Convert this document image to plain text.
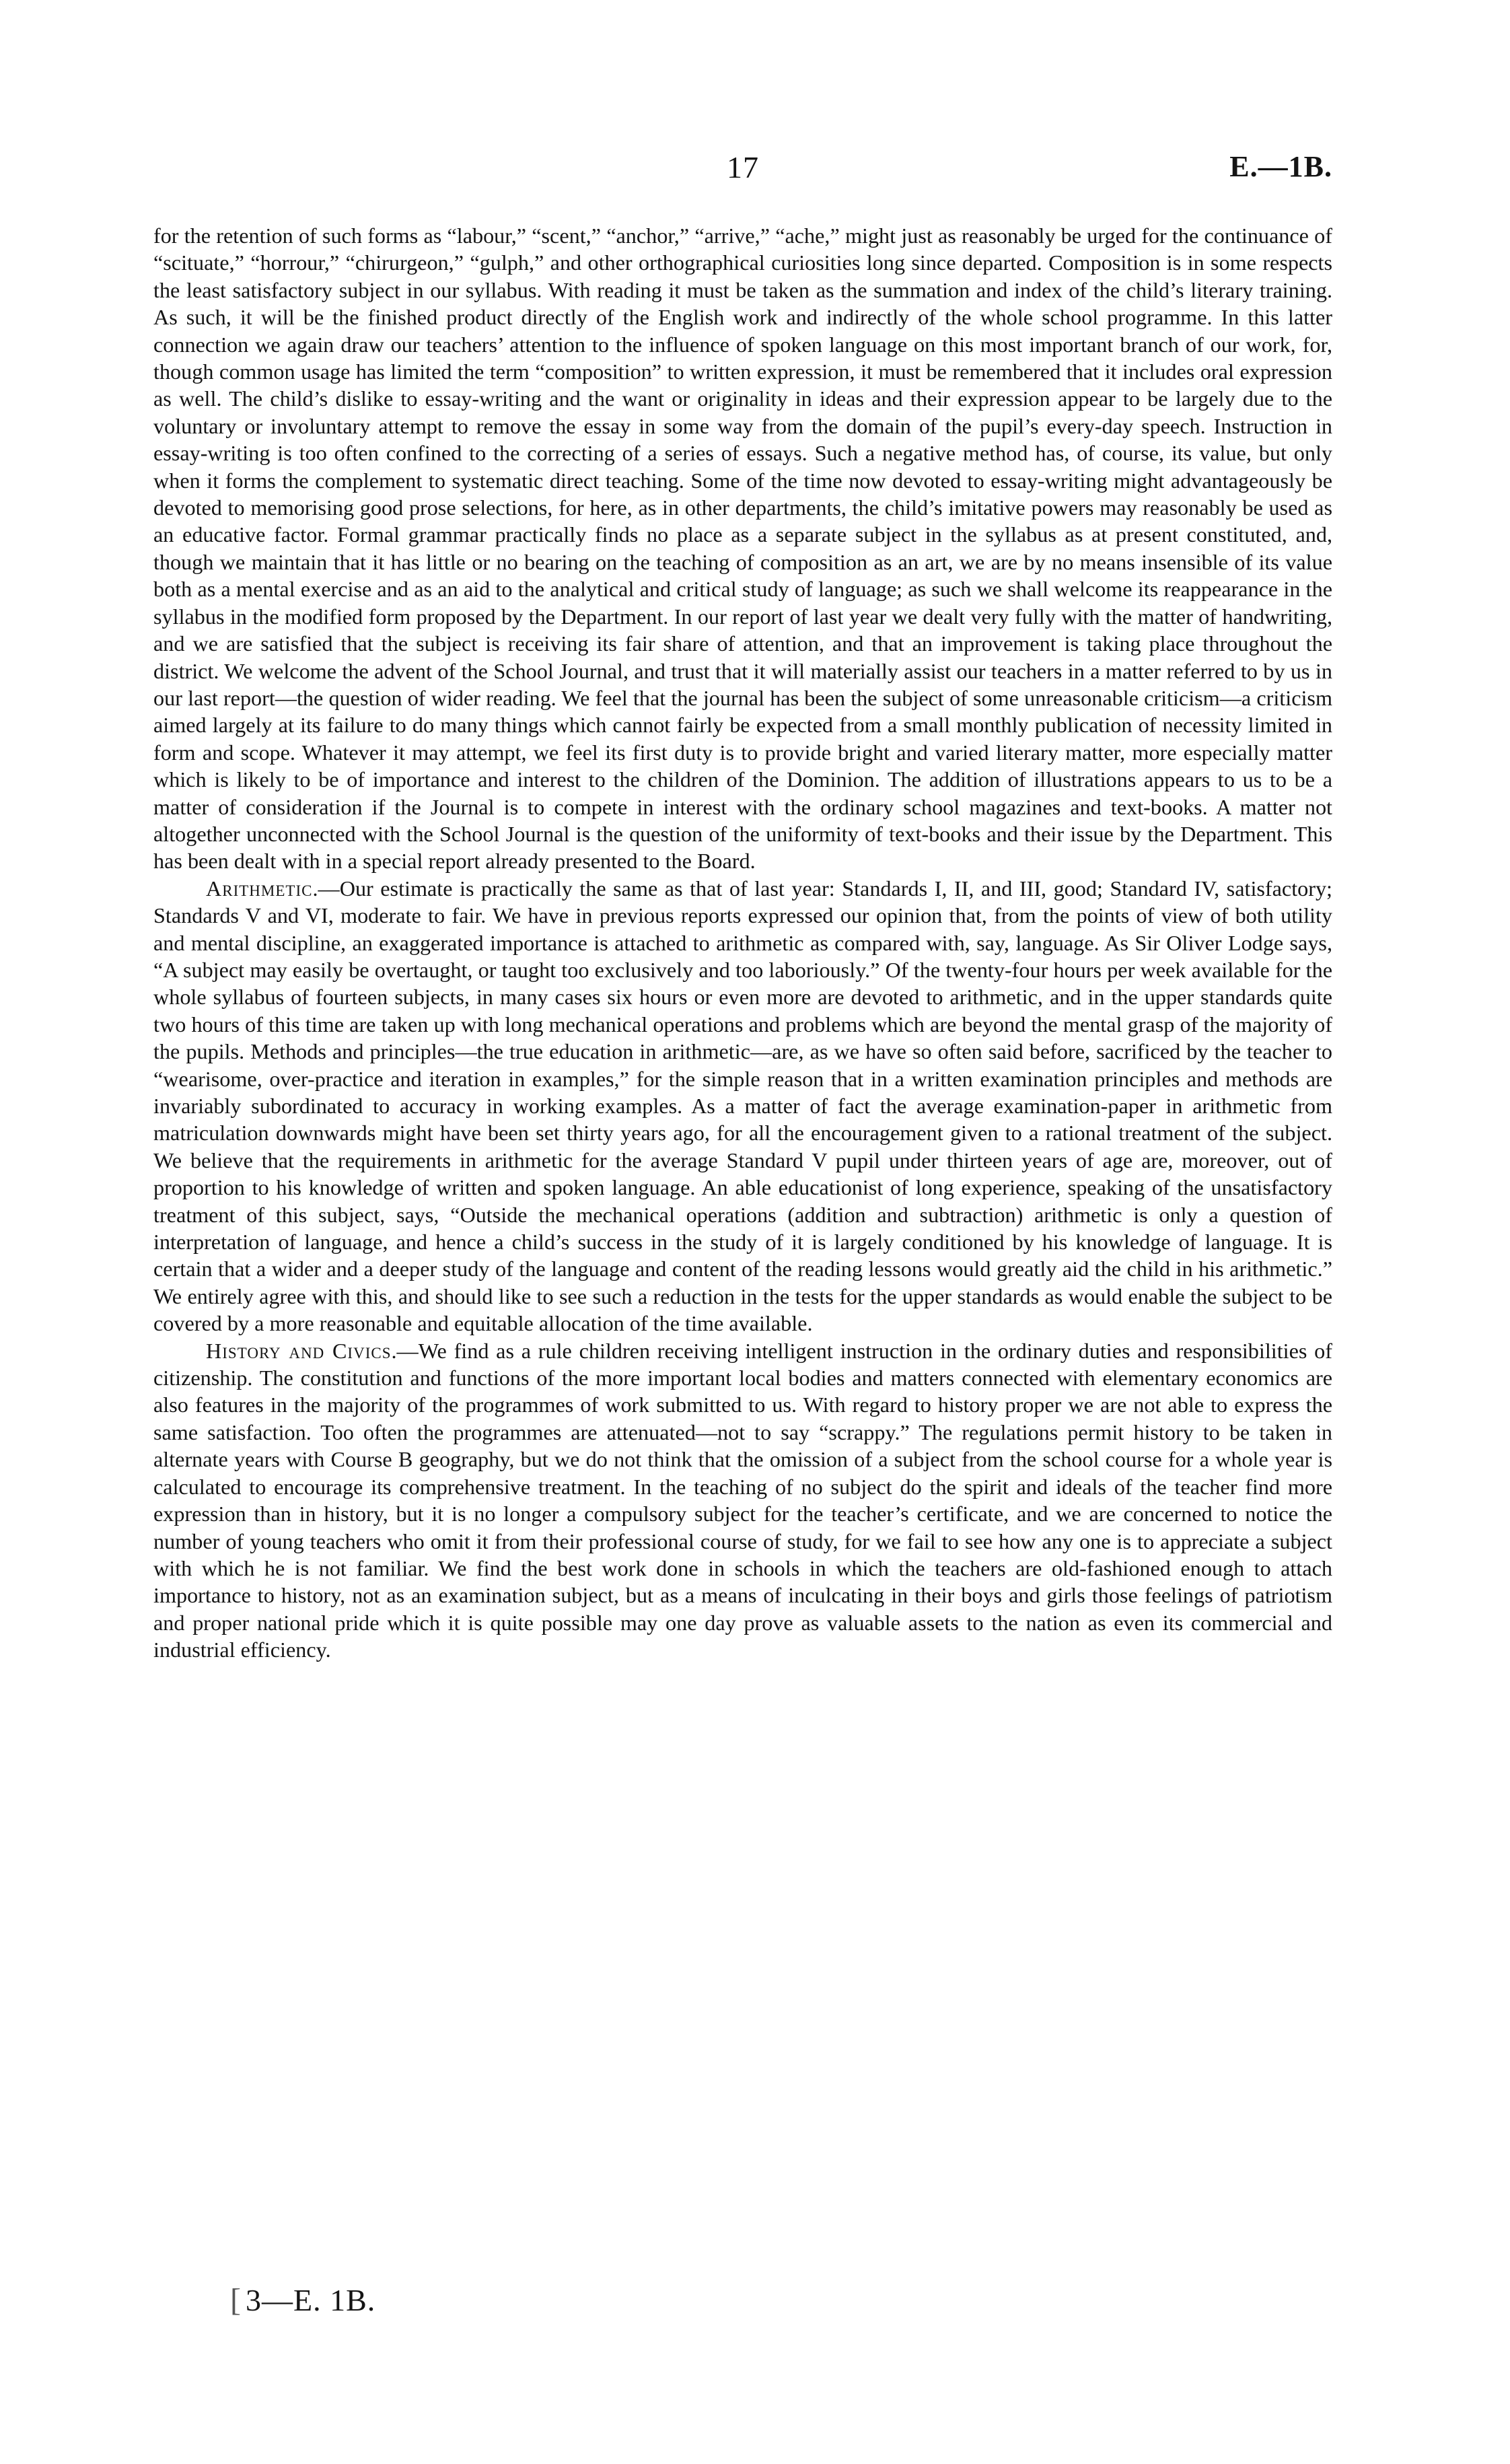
17	E.—1B.

for the retention of such forms as “labour,” “scent,” “anchor,” “arrive,” “ache,” might just as reasonably be urged for the continuance of “scituate,” “horrour,” “chirurgeon,” “gulph,” and other orthographical curiosities long since departed. Composition is in some respects the least satisfactory subject in our syllabus. With reading it must be taken as the summation and index of the child’s literary training. As such, it will be the finished product directly of the English work and indirectly of the whole school programme. In this latter connection we again draw our teachers’ attention to the influence of spoken language on this most important branch of our work, for, though common usage has limited the term “composition” to written expression, it must be remembered that it includes oral expression as well. The child’s dislike to essay-writing and the want or originality in ideas and their expression appear to be largely due to the voluntary or involuntary attempt to remove the essay in some way from the domain of the pupil’s every-day speech. Instruction in essay-writing is too often confined to the correcting of a series of essays. Such a negative method has, of course, its value, but only when it forms the complement to systematic direct teaching. Some of the time now devoted to essay-writing might advantageously be devoted to memorising good prose selections, for here, as in other departments, the child’s imitative powers may reasonably be used as an educative factor. Formal grammar practically finds no place as a separate subject in the syllabus as at present constituted, and, though we maintain that it has little or no bearing on the teaching of composition as an art, we are by no means insensible of its value both as a mental exercise and as an aid to the analytical and critical study of language; as such we shall welcome its reappearance in the syllabus in the modified form proposed by the Department. In our report of last year we dealt very fully with the matter of handwriting, and we are satisfied that the subject is receiving its fair share of attention, and that an improvement is taking place throughout the district. We welcome the advent of the School Journal, and trust that it will materially assist our teachers in a matter referred to by us in our last report—the question of wider reading. We feel that the journal has been the subject of some unreasonable criticism—a criticism aimed largely at its failure to do many things which cannot fairly be expected from a small monthly publication of necessity limited in form and scope. Whatever it may attempt, we feel its first duty is to provide bright and varied literary matter, more especially matter which is likely to be of importance and interest to the children of the Dominion. The addition of illustrations appears to us to be a matter of consideration if the Journal is to compete in interest with the ordinary school magazines and text-books. A matter not altogether unconnected with the School Journal is the question of the uniformity of text-books and their issue by the Department. This has been dealt with in a special report already presented to the Board.

Arithmetic.—Our estimate is practically the same as that of last year: Standards I, II, and III, good; Standard IV, satisfactory; Standards V and VI, moderate to fair. We have in previous reports expressed our opinion that, from the points of view of both utility and mental discipline, an exaggerated importance is attached to arithmetic as compared with, say, language. As Sir Oliver Lodge says, “A subject may easily be overtaught, or taught too exclusively and too laboriously.” Of the twenty-four hours per week available for the whole syllabus of fourteen subjects, in many cases six hours or even more are devoted to arithmetic, and in the upper standards quite two hours of this time are taken up with long mechanical operations and problems which are beyond the mental grasp of the majority of the pupils. Methods and principles—the true education in arithmetic—are, as we have so often said before, sacrificed by the teacher to “wearisome, over-practice and iteration in examples,” for the simple reason that in a written examination principles and methods are invariably subordinated to accuracy in working examples. As a matter of fact the average examination-paper in arithmetic from matriculation downwards might have been set thirty years ago, for all the encouragement given to a rational treatment of the subject. We believe that the requirements in arithmetic for the average Standard V pupil under thirteen years of age are, moreover, out of proportion to his knowledge of written and spoken language. An able educationist of long experience, speaking of the unsatisfactory treatment of this subject, says, “Outside the mechanical operations (addition and subtraction) arithmetic is only a question of interpretation of language, and hence a child’s success in the study of it is largely conditioned by his knowledge of language. It is certain that a wider and a deeper study of the language and content of the reading lessons would greatly aid the child in his arithmetic.” We entirely agree with this, and should like to see such a reduction in the tests for the upper standards as would enable the subject to be covered by a more reasonable and equitable allocation of the time available.

History and Civics.—We find as a rule children receiving intelligent instruction in the ordinary duties and responsibilities of citizenship. The constitution and functions of the more important local bodies and matters connected with elementary economics are also features in the majority of the programmes of work submitted to us. With regard to history proper we are not able to express the same satisfaction. Too often the programmes are attenuated—not to say “scrappy.” The regulations permit history to be taken in alternate years with Course B geography, but we do not think that the omission of a subject from the school course for a whole year is calculated to encourage its comprehensive treatment. In the teaching of no subject do the spirit and ideals of the teacher find more expression than in history, but it is no longer a compulsory subject for the teacher’s certificate, and we are concerned to notice the number of young teachers who omit it from their professional course of study, for we fail to see how any one is to appreciate a subject with which he is not familiar. We find the best work done in schools in which the teachers are old-fashioned enough to attach importance to history, not as an examination subject, but as a means of inculcating in their boys and girls those feelings of patriotism and proper national pride which it is quite possible may one day prove as valuable assets to the nation as even its commercial and industrial efficiency.

[ 3—E. 1B.
